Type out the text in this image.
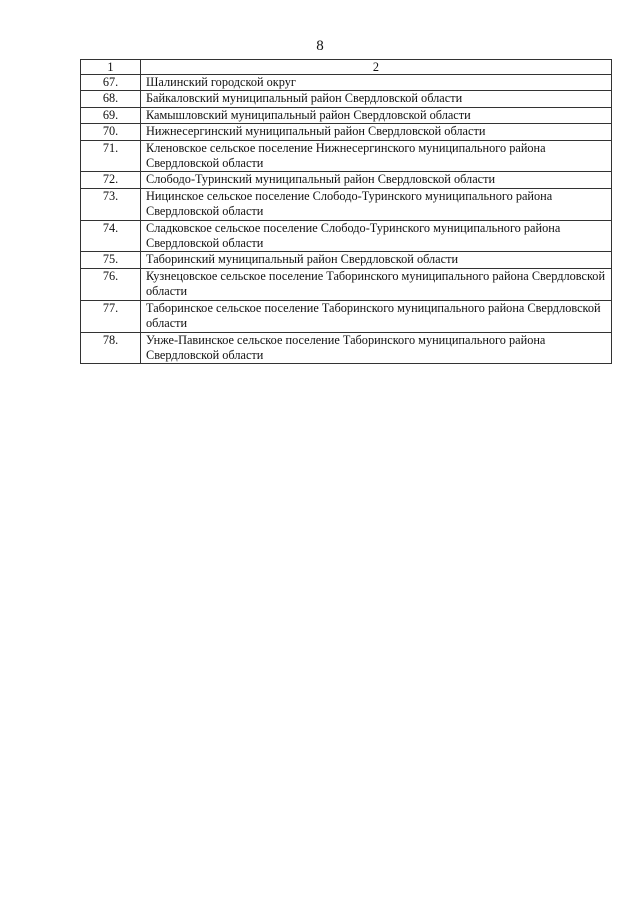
8
1	2
67.	Шалинский городской округ
68.	Байкаловский муниципальный район Свердловской области
69.	Камышловский муниципальный район Свердловской области
70.	Нижнесергинский муниципальный район Свердловской области
71.	Кленовское сельское поселение Нижнесергинского муниципального района Свердловской области
72.	Слободо-Туринский муниципальный район Свердловской области
73.	Ницинское сельское поселение Слободо-Туринского муниципального района Свердловской области
74.	Сладковское сельское поселение Слободо-Туринского муниципального района Свердловской области
75.	Таборинский муниципальный район Свердловской области
76.	Кузнецовское сельское поселение Таборинского муниципального района Свердловской области
77.	Таборинское сельское поселение Таборинского муниципального района Свердловской области
78.	Унже-Павинское сельское поселение Таборинского муниципального района Свердловской области
